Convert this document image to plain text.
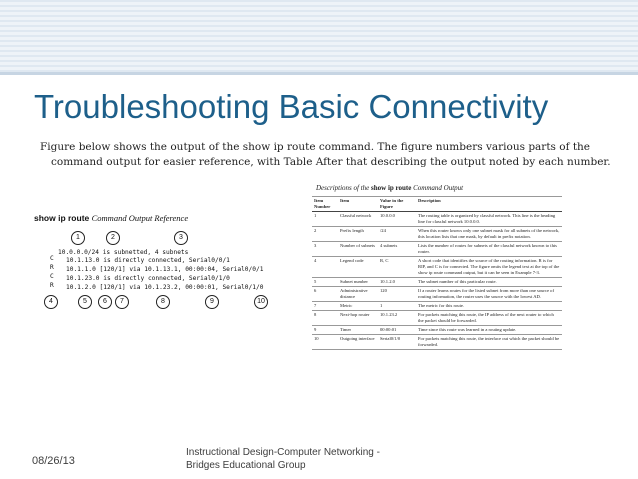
Troubleshooting Basic Connectivity
Figure below shows the output of the show ip route command. The figure numbers various parts of the command output for easier reference, with Table After that describing the output noted by each number.
show ip route Command Output Reference
1	2	3
10.0.0.0/24 is subnetted, 4 subnets
C
R
C
R
10.1.13.0 is directly connected, Serial0/0/1
10.1.1.0 [120/1] via 10.1.13.1, 00:00:04, Serial0/0/1
10.1.23.0 is directly connected, Serial0/1/0
10.1.2.0 [120/1] via 10.1.23.2, 00:00:01, Serial0/1/0
4	5	6	7	8	9	10
Descriptions of the show ip route Command Output
Item Number	Item	Value in the Figure	Description
1	Classful network	10.0.0.0	The routing table is organized by classful network. This line is the heading line for classful network 10.0.0.0.
2	Prefix length	/24	When this router knows only one subnet mask for all subnets of the network, this location lists that one mask, by default in prefix notation.
3	Number of subnets	4 subnets	Lists the number of routes for subnets of the classful network known to this router.
4	Legend code	R, C	A short code that identifies the source of the routing information. R is for RIP, and C is for connected. The figure omits the legend text at the top of the show ip route command output, but it can be seen in Example 7-3.
5	Subnet number	10.1.2.0	The subnet number of this particular route.
6	Administrative distance	120	If a router learns routes for the listed subnet from more than one source of routing information, the router uses the source with the lowest AD.
7	Metric	1	The metric for this route.
8	Next-hop router	10.1.23.2	For packets matching this route, the IP address of the next router to which the packet should be forwarded.
9	Timer	00:00:01	Time since this route was learned in a routing update.
10	Outgoing interface	Serial0/1/0	For packets matching this route, the interface out which the packet should be forwarded.
08/26/13
Instructional Design-Computer Networking -
Bridges Educational Group
